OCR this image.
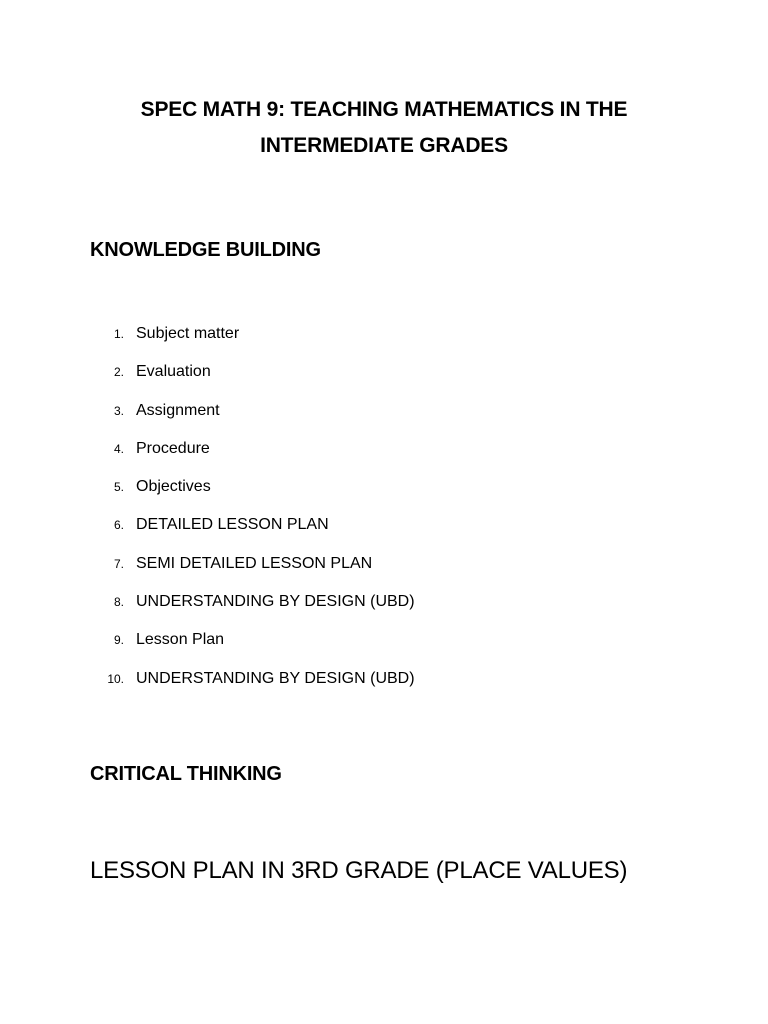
SPEC MATH 9: TEACHING MATHEMATICS IN THE
INTERMEDIATE GRADES
KNOWLEDGE BUILDING
1. Subject matter
2. Evaluation
3. Assignment
4. Procedure
5. Objectives
6. DETAILED LESSON PLAN
7. SEMI DETAILED LESSON PLAN
8. UNDERSTANDING BY DESIGN (UBD)
9. Lesson Plan
10. UNDERSTANDING BY DESIGN (UBD)
CRITICAL THINKING
LESSON PLAN IN 3RD GRADE (PLACE VALUES)
